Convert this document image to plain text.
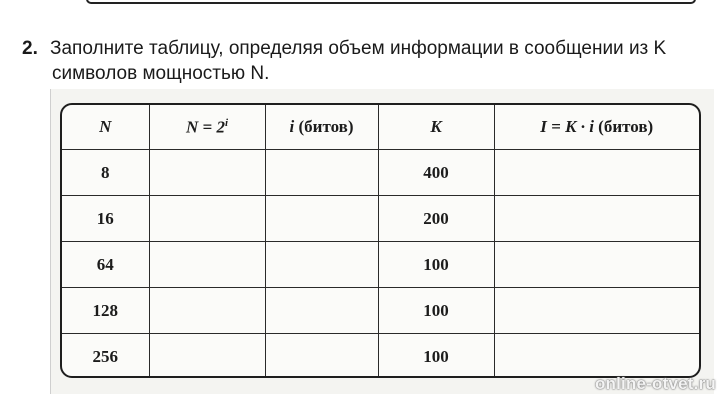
2. Заполните таблицу, определяя объем информации в сообщении из K
символов мощностью N.
N	$N = 2^i$	i (битов)	K	I = K · i (битов)
8			400	
16			200	
64			100	
128			100	
256			100	
online-otvet.ru
